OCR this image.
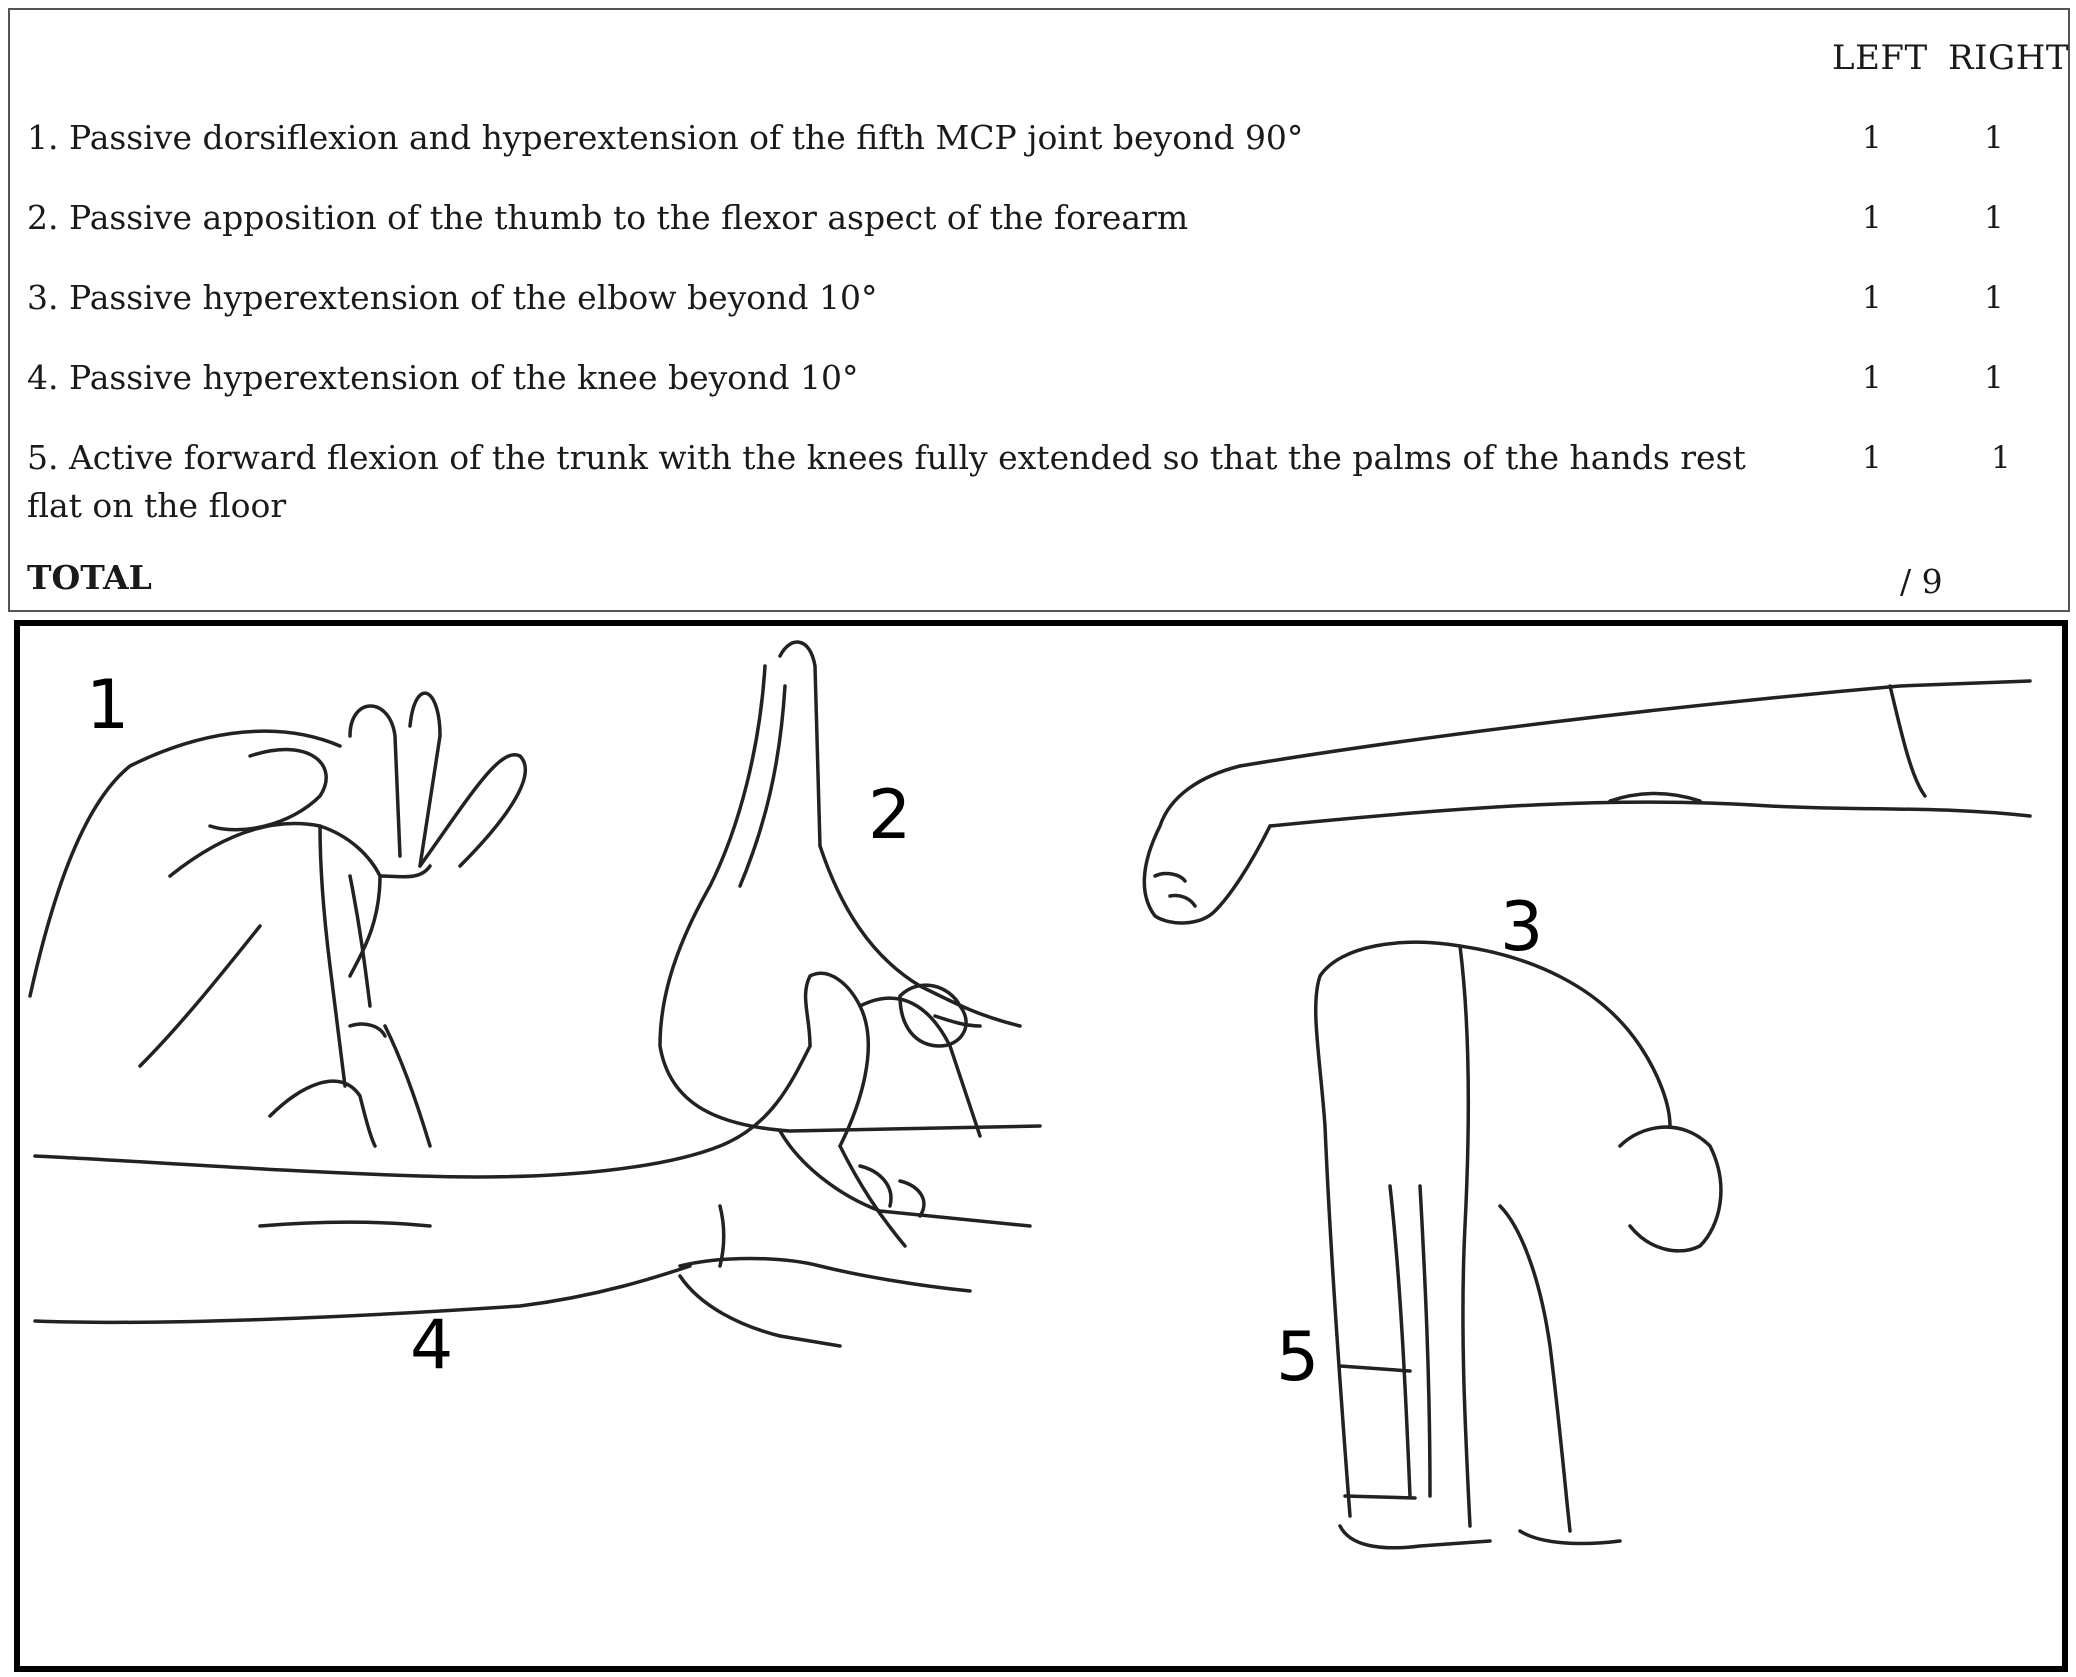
LEFT RIGHT
1. Passive dorsiflexion and hyperextension of the fifth MCP joint beyond 90°	1	1
2. Passive apposition of the thumb to the flexor aspect of the forearm	1	1
3. Passive hyperextension of the elbow beyond 10°	1	1
4. Passive hyperextension of the knee beyond 10°	1	1
5. Active forward flexion of the trunk with the knees fully extended so that the palms of the hands rest flat on the floor
1	1
TOTAL	/ 9
1
2
3
4	5
